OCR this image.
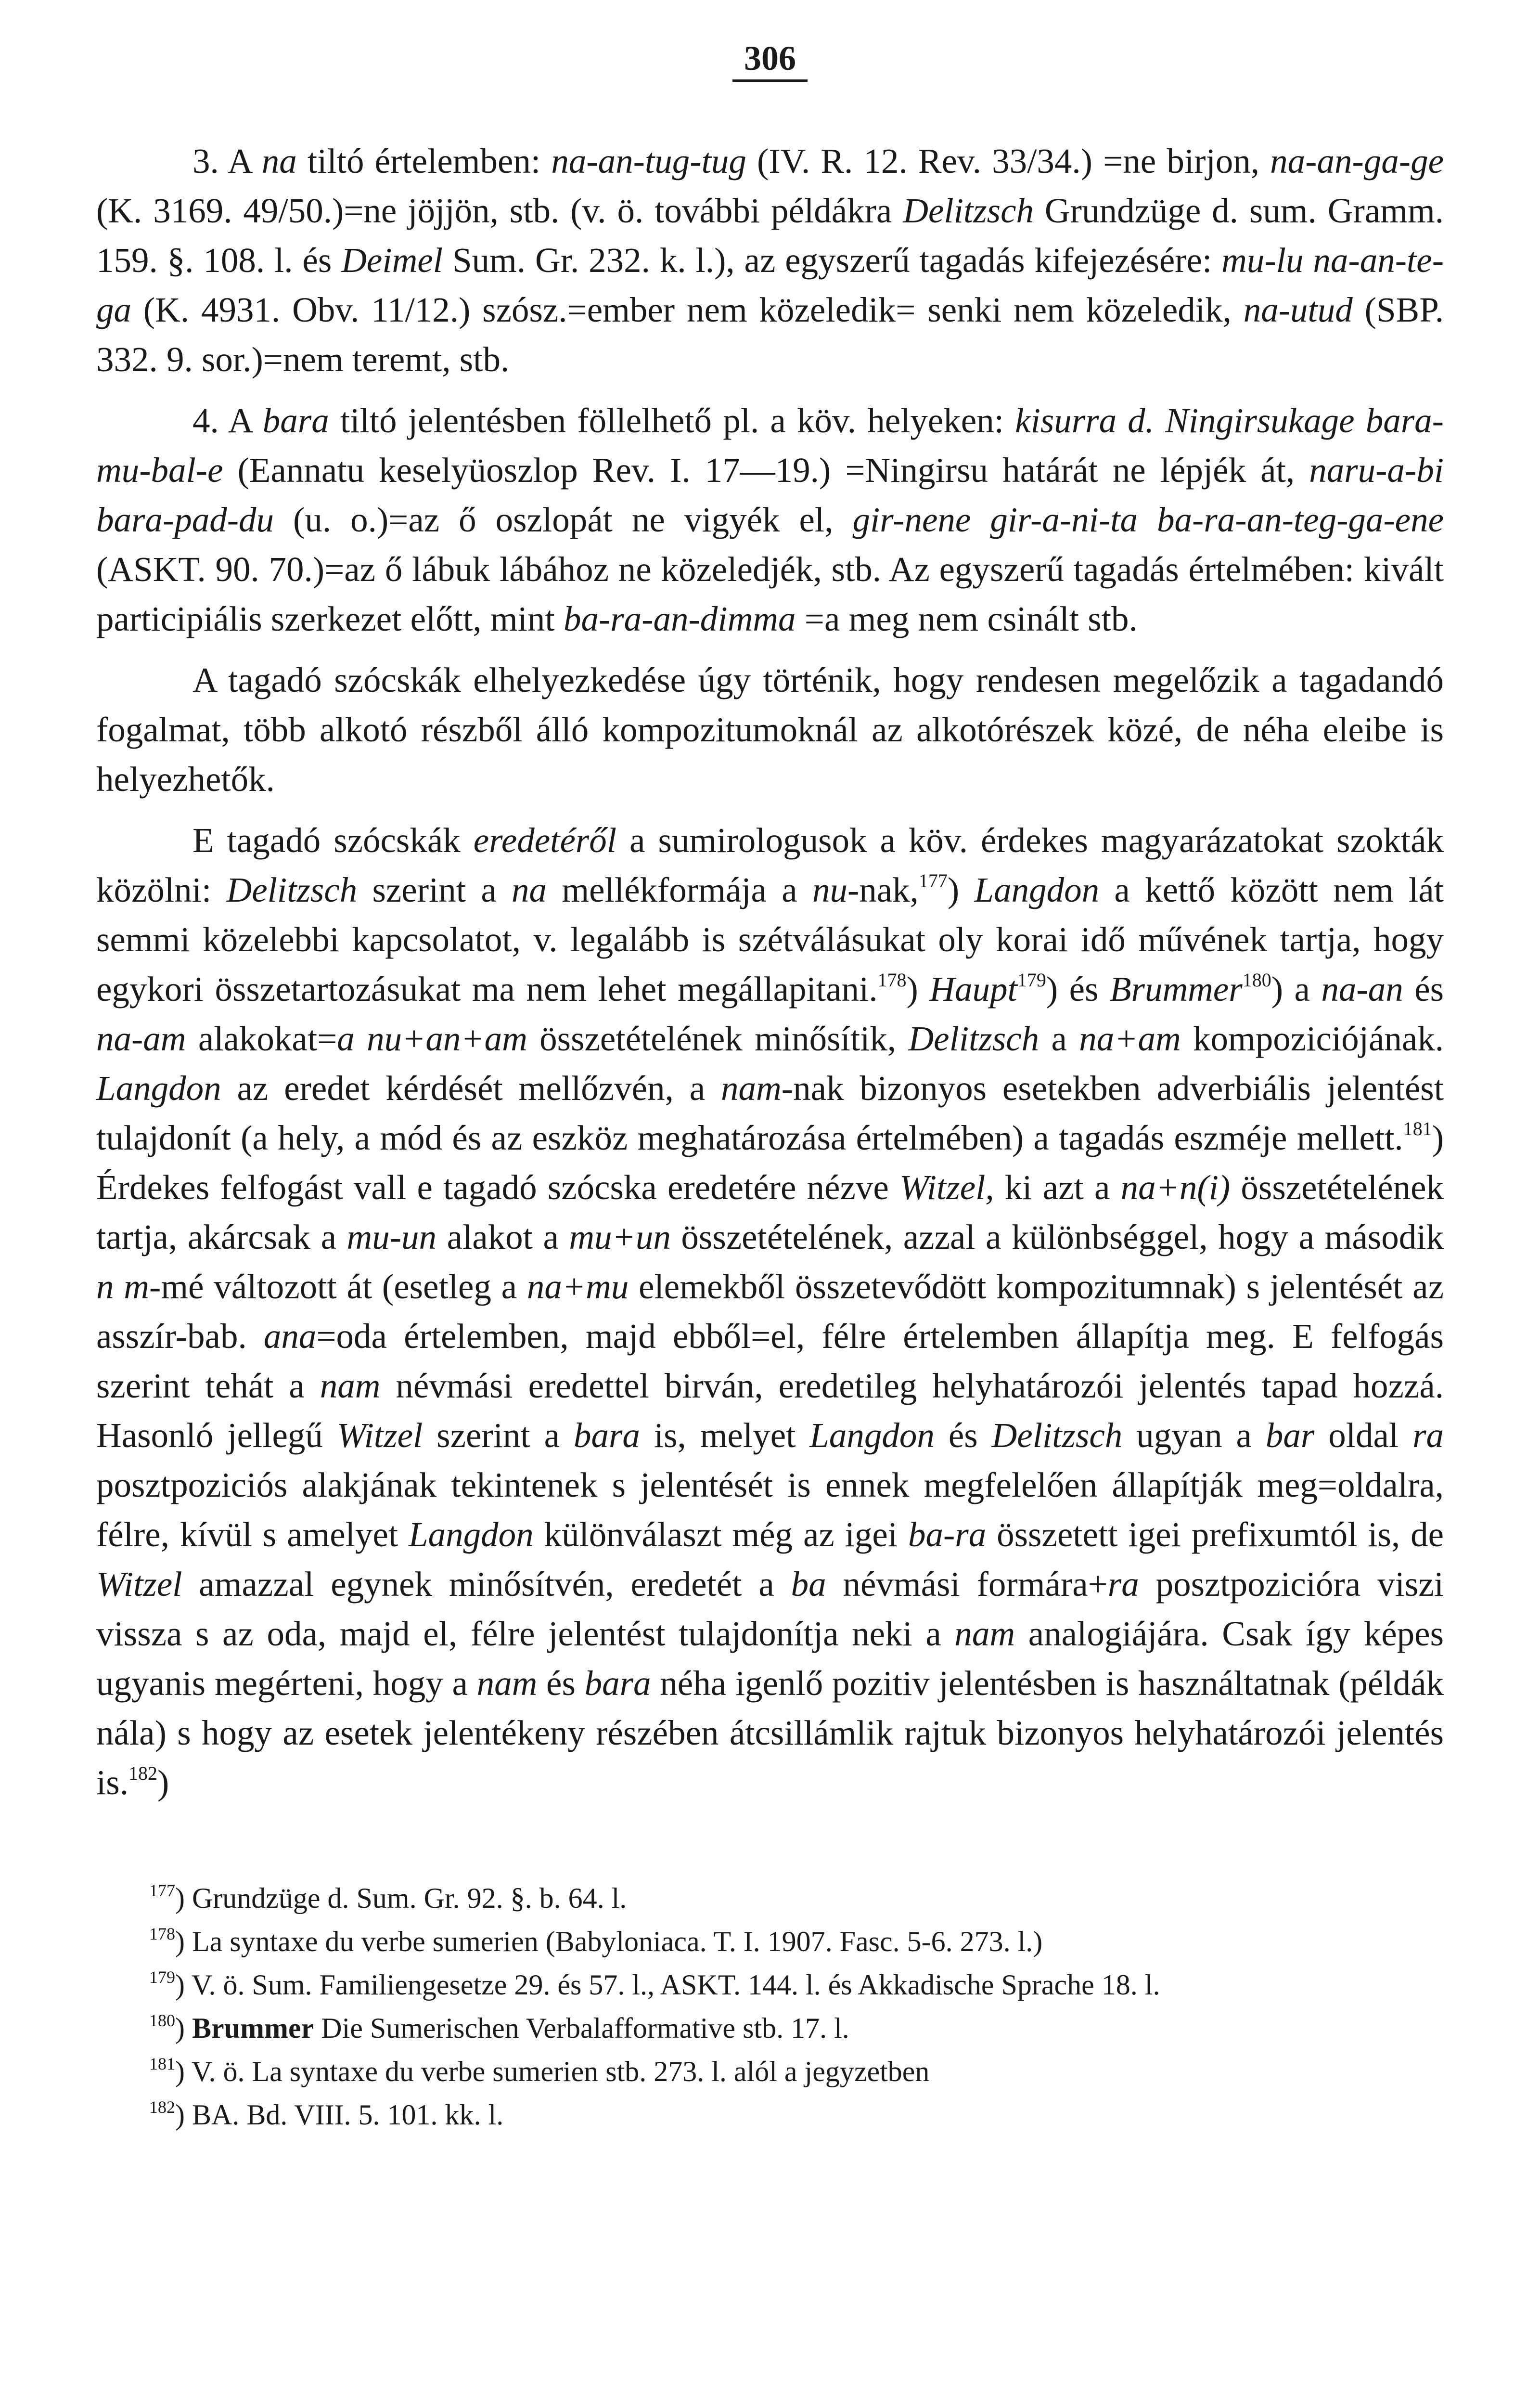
306

3. A na tiltó értelemben: na-an-tug-tug (IV. R. 12. Rev. 33/34.) =ne birjon, na-an-ga-ge (K. 3169. 49/50.)=ne jöjjön, stb. (v. ö. további példákra Delitzsch Grundzüge d. sum. Gramm. 159. §. 108. l. és Deimel Sum. Gr. 232. k. l.), az egyszerű tagadás kifejezésére: mu-lu na-an-te-ga (K. 4931. Obv. 11/12.) szósz.=ember nem közeledik= senki nem közeledik, na-utud (SBP. 332. 9. sor.)=nem teremt, stb.

4. A bara tiltó jelentésben föllelhető pl. a köv. helyeken: kisurra d. Ningirsukage bara-mu-bal-e (Eannatu keselyüoszlop Rev. I. 17—19.) =Ningirsu határát ne lépjék át, naru-a-bi bara-pad-du (u. o.)=az ő oszlopát ne vigyék el, gir-nene gir-a-ni-ta ba-ra-an-teg-ga-ene (ASKT. 90. 70.)=az ő lábuk lábához ne közeledjék, stb. Az egyszerű tagadás értelmében: kivált participiális szerkezet előtt, mint ba-ra-an-dimma =a meg nem csinált stb.

A tagadó szócskák elhelyezkedése úgy történik, hogy rendesen megelőzik a tagadandó fogalmat, több alkotó részből álló kompozitumoknál az alkotórészek közé, de néha eleibe is helyezhetők.

E tagadó szócskák eredetéről a sumirologusok a köv. érdekes magyarázatokat szokták közölni: Delitzsch szerint a na mellékformája a nu-nak,$^{177}$) Langdon a kettő között nem lát semmi közelebbi kapcsolatot, v. legalább is szétválásukat oly korai idő művének tartja, hogy egykori összetartozásukat ma nem lehet megállapitani.$^{178}$) Haupt$^{179}$) és Brummer$^{180}$) a na-an és na-am alakokat=a nu+an+am összetételének minősítik, Delitzsch a na+am kompoziciójának. Langdon az eredet kérdését mellőzvén, a nam-nak bizonyos esetekben adverbiális jelentést tulajdonít (a hely, a mód és az eszköz meghatározása értelmében) a tagadás eszméje mellett.$^{181}$) Érdekes felfogást vall e tagadó szócska eredetére nézve Witzel, ki azt a na+n(i) összetételének tartja, akárcsak a mu-un alakot a mu+un összetételének, azzal a különbséggel, hogy a második n m-mé változott át (esetleg a na+mu elemekből összetevődött kompozitumnak) s jelentését az asszír-bab. ana=oda értelemben, majd ebből=el, félre értelemben állapítja meg. E felfogás szerint tehát a nam névmási eredettel birván, eredetileg helyhatározói jelentés tapad hozzá. Hasonló jellegű Witzel szerint a bara is, melyet Langdon és Delitzsch ugyan a bar oldal ra posztpoziciós alakjának tekintenek s jelentését is ennek megfelelően állapítják meg=oldalra, félre, kívül s amelyet Langdon különválaszt még az igei ba-ra összetett igei prefixumtól is, de Witzel amazzal egynek minősítvén, eredetét a ba névmási formára+ra posztpozicióra viszi vissza s az oda, majd el, félre jelentést tulajdonítja neki a nam analogiájára. Csak így képes ugyanis megérteni, hogy a nam és bara néha igenlő pozitiv jelentésben is használtatnak (példák nála) s hogy az esetek jelentékeny részében átcsillámlik rajtuk bizonyos helyhatározói jelentés is.$^{182}$)

$^{177}$) Grundzüge d. Sum. Gr. 92. §. b. 64. l.
$^{178}$) La syntaxe du verbe sumerien (Babyloniaca. T. I. 1907. Fasc. 5-6. 273. l.)
$^{179}$) V. ö. Sum. Familiengesetze 29. és 57. l., ASKT. 144. l. és Akkadische Sprache 18. l.
$^{180}$) Brummer Die Sumerischen Verbalafformative stb. 17. l.
$^{181}$) V. ö. La syntaxe du verbe sumerien stb. 273. l. alól a jegyzetben
$^{182}$) BA. Bd. VIII. 5. 101. kk. l.
